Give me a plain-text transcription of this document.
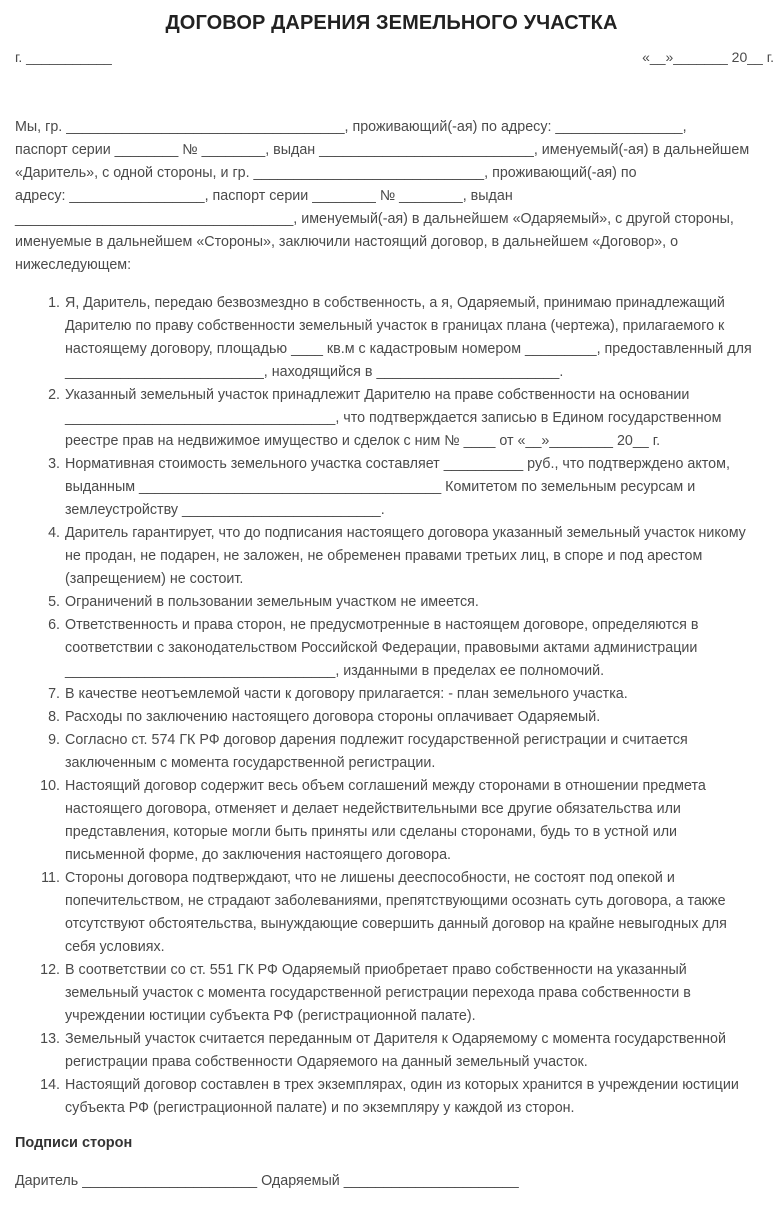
ДОГОВОР ДАРЕНИЯ ЗЕМЕЛЬНОГО УЧАСТКА
г. ___________	«__»_______ 20__ г.
Мы, гр. ___________________________________, проживающий(-ая) по адресу: ________________,
паспорт серии ________ № ________, выдан ___________________________, именуемый(-ая) в дальнейшем
«Даритель», с одной стороны, и гр. _____________________________, проживающий(-ая) по
адресу: _________________, паспорт серии ________ № ________, выдан
___________________________________, именуемый(-ая) в дальнейшем «Одаряемый», с другой стороны,
именуемые в дальнейшем «Стороны», заключили настоящий договор, в дальнейшем «Договор», о
нижеследующем:
1. Я, Даритель, передаю безвозмездно в собственность, а я, Одаряемый, принимаю принадлежащий
Дарителю по праву собственности земельный участок в границах плана (чертежа), прилагаемого к
настоящему договору, площадью ____ кв.м с кадастровым номером _________, предоставленный для
_________________________, находящийся в _______________________.
2. Указанный земельный участок принадлежит Дарителю на праве собственности на основании
__________________________________, что подтверждается записью в Едином государственном
реестре прав на недвижимое имущество и сделок с ним № ____ от «__»________ 20__ г.
3. Нормативная стоимость земельного участка составляет __________ руб., что подтверждено актом,
выданным ______________________________________ Комитетом по земельным ресурсам и
землеустройству _________________________.
4. Даритель гарантирует, что до подписания настоящего договора указанный земельный участок никому
не продан, не подарен, не заложен, не обременен правами третьих лиц, в споре и под арестом
(запрещением) не состоит.
5. Ограничений в пользовании земельным участком не имеется.
6. Ответственность и права сторон, не предусмотренные в настоящем договоре, определяются в
соответствии с законодательством Российской Федерации, правовыми актами администрации
__________________________________, изданными в пределах ее полномочий.
7. В качестве неотъемлемой части к договору прилагается: - план земельного участка.
8. Расходы по заключению настоящего договора стороны оплачивает Одаряемый.
9. Согласно ст. 574 ГК РФ договор дарения подлежит государственной регистрации и считается
заключенным с момента государственной регистрации.
10. Настоящий договор содержит весь объем соглашений между сторонами в отношении предмета
настоящего договора, отменяет и делает недействительными все другие обязательства или
представления, которые могли быть приняты или сделаны сторонами, будь то в устной или
письменной форме, до заключения настоящего договора.
11. Стороны договора подтверждают, что не лишены дееспособности, не состоят под опекой и
попечительством, не страдают заболеваниями, препятствующими осознать суть договора, а также
отсутствуют обстоятельства, вынуждающие совершить данный договор на крайне невыгодных для
себя условиях.
12. В соответствии со ст. 551 ГК РФ Одаряемый приобретает право собственности на указанный
земельный участок с момента государственной регистрации перехода права собственности в
учреждении юстиции субъекта РФ (регистрационной палате).
13. Земельный участок считается переданным от Дарителя к Одаряемому с момента государственной
регистрации права собственности Одаряемого на данный земельный участок.
14. Настоящий договор составлен в трех экземплярах, один из которых хранится в учреждении юстиции
субъекта РФ (регистрационной палате) и по экземпляру у каждой из сторон.
Подписи сторон
Даритель ______________________ Одаряемый ______________________
